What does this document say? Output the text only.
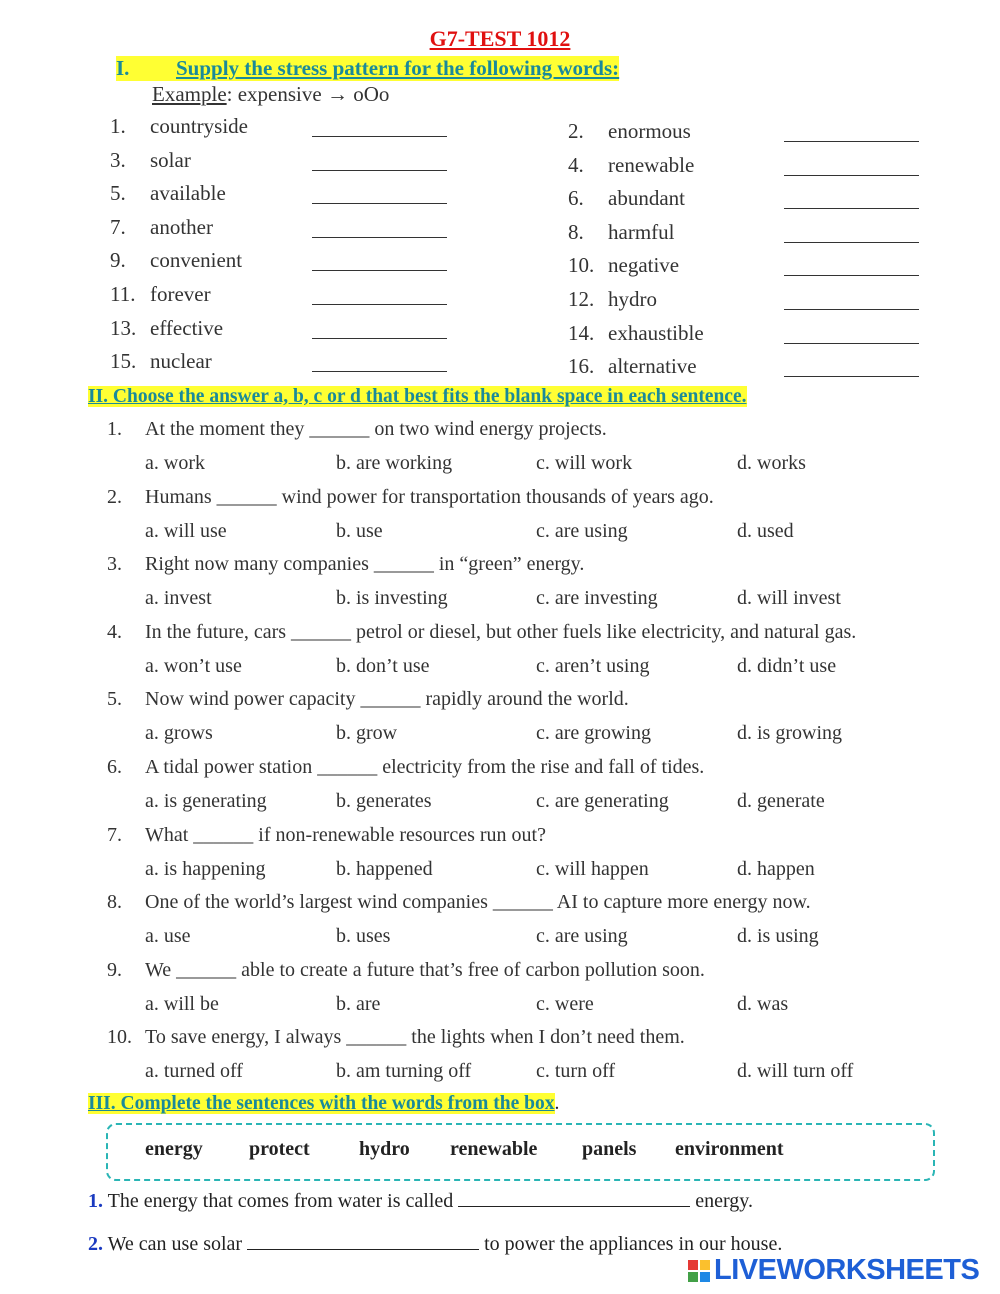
G7-TEST 1012
I. Supply the stress pattern for the following words:
Example: expensive → oOo
1. countryside	2. enormous
3. solar	4. renewable
5. available	6. abundant
7. another	8. harmful
9. convenient	10. negative
11. forever	12. hydro
13. effective	14. exhaustible
15. nuclear	16. alternative
II. Choose the answer a, b, c or d that best fits the blank space in each sentence.
1. At the moment they ______ on two wind energy projects.
a. work	b. are working	c. will work	d. works
2. Humans ______ wind power for transportation thousands of years ago.
a. will use	b. use	c. are using	d. used
3. Right now many companies ______ in “green” energy.
a. invest	b. is investing	c. are investing	d. will invest
4. In the future, cars ______ petrol or diesel, but other fuels like electricity, and natural gas.
a. won’t use	b. don’t use	c. aren’t using	d. didn’t use
5. Now wind power capacity ______ rapidly around the world.
a. grows	b. grow	c. are growing	d. is growing
6. A tidal power station ______ electricity from the rise and fall of tides.
a. is generating	b. generates	c. are generating	d. generate
7. What ______ if non-renewable resources run out?
a. is happening	b. happened	c. will happen	d. happen
8. One of the world’s largest wind companies ______ AI to capture more energy now.
a. use	b. uses	c. are using	d. is using
9. We ______ able to create a future that’s free of carbon pollution soon.
a. will be	b. are	c. were	d. was
10. To save energy, I always ______ the lights when I don’t need them.
a. turned off	b. am turning off	c. turn off	d. will turn off
III. Complete the sentences with the words from the box.
energy protect hydro renewable panels environment
1. The energy that comes from water is called	energy.
2. We can use solar	to power the appliances in our house.
LIVEWORKSHEETS
